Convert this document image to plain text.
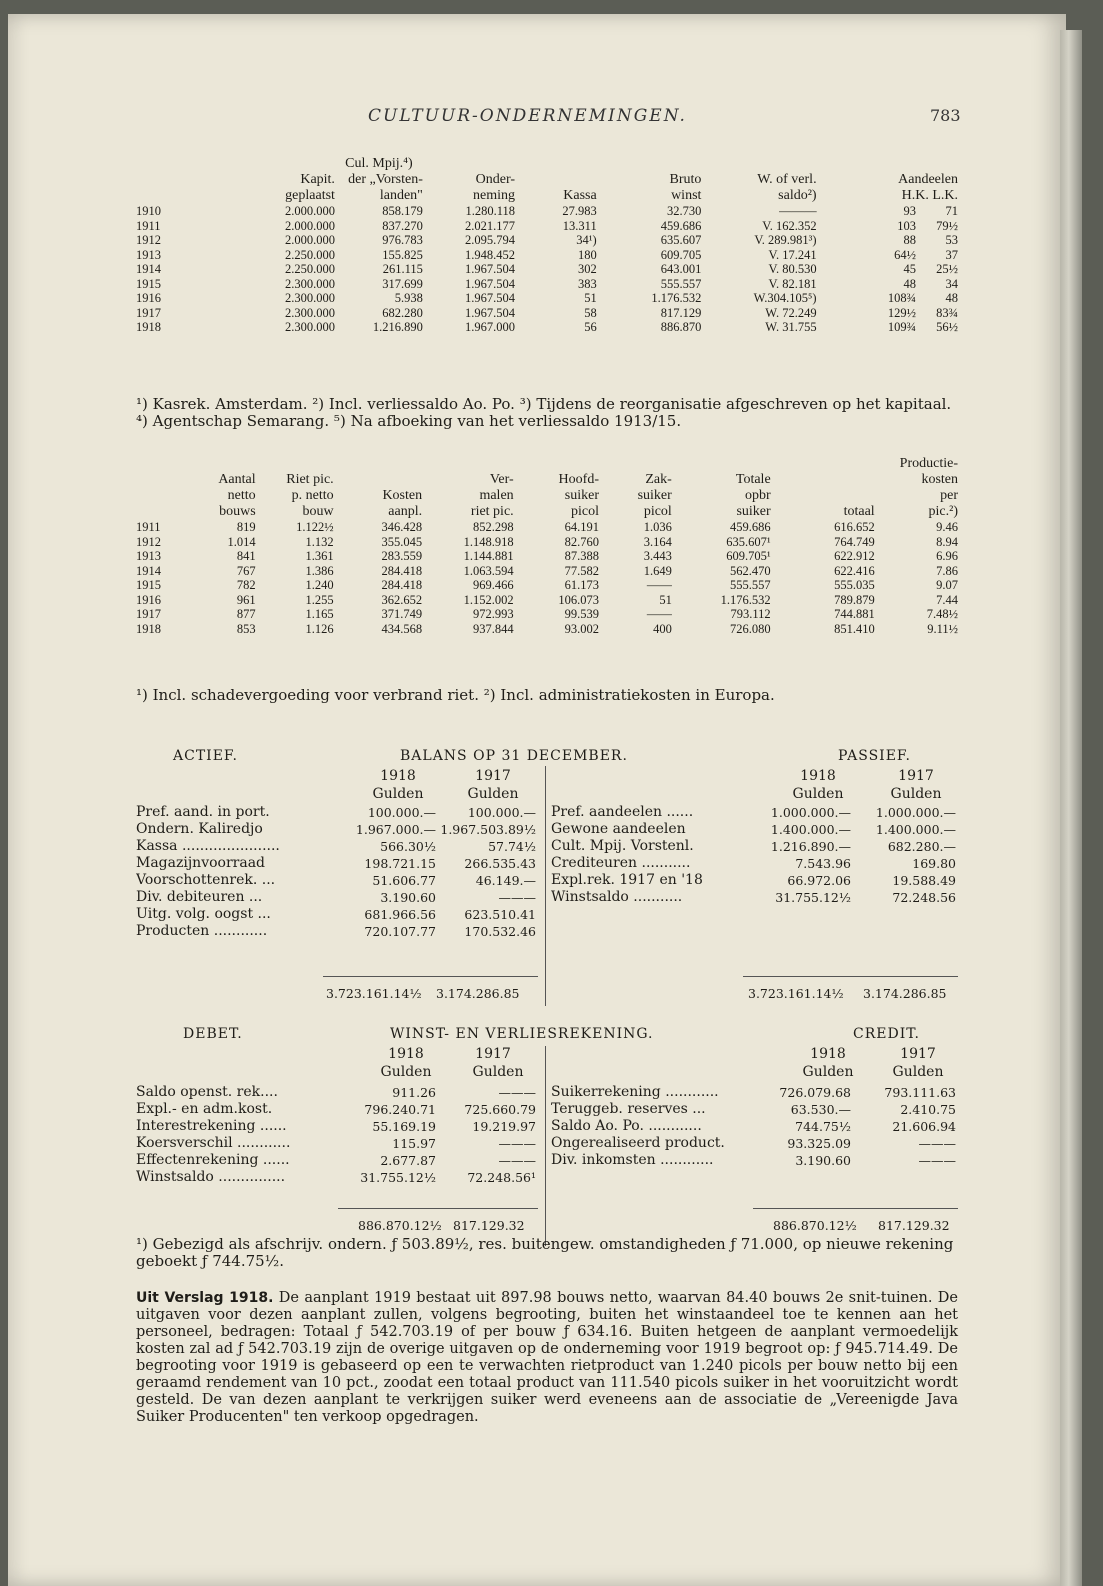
CULTUUR-ONDERNEMINGEN.	783
		Cul. Mpij.⁴)						
	Kapit.	der „Vorsten-	Onder-		Bruto	W. of verl.	Aandeelen	
	geplaatst	landen"	neming	Kassa	winst	saldo²)	H.K. L.K.	
1910	2.000.000	858.179	1.280.118	27.983	32.730	———	93	71
1911	2.000.000	837.270	2.021.177	13.311	459.686	V. 162.352	103	79½
1912	2.000.000	976.783	2.095.794	34¹)	635.607	V. 289.981³)	88	53
1913	2.250.000	155.825	1.948.452	180	609.705	V. 17.241	64½	37
1914	2.250.000	261.115	1.967.504	302	643.001	V. 80.530	45	25½
1915	2.300.000	317.699	1.967.504	383	555.557	V. 82.181	48	34
1916	2.300.000	5.938	1.967.504	51	1.176.532	W.304.105⁵)	108¾	48
1917	2.300.000	682.280	1.967.504	58	817.129	W. 72.249	129½	83¾
1918	2.300.000	1.216.890	1.967.000	56	886.870	W. 31.755	109¾	56½
¹) Kasrek. Amsterdam. ²) Incl. verliessaldo Ao. Po. ³) Tijdens de reorganisatie afgeschreven op het kapitaal. ⁴) Agentschap Semarang. ⁵) Na afboeking van het verliessaldo 1913/15.
									Productie-
	Aantal	Riet pic.		Ver-	Hoofd-	Zak-	Totale		kosten
	netto	p. netto	Kosten	malen	suiker	suiker	opbr		per
	bouws	bouw	aanpl.	riet pic.	picol	picol	suiker	totaal	pic.²)
1911	819	1.122½	346.428	852.298	64.191	1.036	459.686	616.652	9.46
1912	1.014	1.132	355.045	1.148.918	82.760	3.164	635.607¹	764.749	8.94
1913	841	1.361	283.559	1.144.881	87.388	3.443	609.705¹	622.912	6.96
1914	767	1.386	284.418	1.063.594	77.582	1.649	562.470	622.416	7.86
1915	782	1.240	284.418	969.466	61.173	——	555.557	555.035	9.07
1916	961	1.255	362.652	1.152.002	106.073	51	1.176.532	789.879	7.44
1917	877	1.165	371.749	972.993	99.539	——	793.112	744.881	7.48½
1918	853	1.126	434.568	937.844	93.002	400	726.080	851.410	9.11½
¹) Incl. schadevergoeding voor verbrand riet. ²) Incl. administratiekosten in Europa.
ACTIEF.	BALANS OP 31 DECEMBER.	PASSIEF.
1918	1917	1918	1917
Gulden	Gulden	Gulden	Gulden
Pref. aand. in port.	100.000.—	100.000.—
Ondern. Kaliredjo	1.967.000.— 1.967.503.89½
Kassa ......................	566.30½	57.74½
Magazijnvoorraad	198.721.15	266.535.43
Voorschottenrek. ...	51.606.77	46.149.—
Div. debiteuren ...	3.190.60	———
Uitg. volg. oogst ...	681.966.56	623.510.41
Producten ............	720.107.77	170.532.46
Pref. aandeelen ......	1.000.000.—	1.000.000.—
Gewone aandeelen	1.400.000.—	1.400.000.—
Cult. Mpij. Vorstenl.	1.216.890.—	682.280.—
Crediteuren ...........	7.543.96	169.80
Expl.rek. 1917 en '18	66.972.06	19.588.49
Winstsaldo ...........	31.755.12½	72.248.56
3.723.161.14½ 3.174.286.85	3.723.161.14½ 3.174.286.85
DEBET.	WINST- EN VERLIESREKENING.	CREDIT.
1918	1917	1918	1917
Gulden	Gulden	Gulden	Gulden
Saldo openst. rek....	911.26	———
Expl.- en adm.kost.	796.240.71	725.660.79
Interestrekening ......	55.169.19	19.219.97
Koersverschil ............	115.97	———
Effectenrekening ......	2.677.87	———
Winstsaldo ...............	31.755.12½	72.248.56¹
Suikerrekening ............	726.079.68	793.111.63
Teruggeb. reserves ...	63.530.—	2.410.75
Saldo Ao. Po. ............	744.75½	21.606.94
Ongerealiseerd product.	93.325.09	———
Div. inkomsten ............	3.190.60	———
886.870.12½ 817.129.32	886.870.12½ 817.129.32
¹) Gebezigd als afschrijv. ondern. ƒ 503.89½, res. buitengew. omstandigheden ƒ 71.000, op nieuwe rekening geboekt ƒ 744.75½.
Uit Verslag 1918. De aanplant 1919 bestaat uit 897.98 bouws netto, waarvan 84.40 bouws 2e snit-tuinen. De uitgaven voor dezen aanplant zullen, volgens begrooting, buiten het winstaandeel toe te kennen aan het personeel, bedragen: Totaal ƒ 542.703.19 of per bouw ƒ 634.16. Buiten hetgeen de aanplant vermoedelijk kosten zal ad ƒ 542.703.19 zijn de overige uitgaven op de onderneming voor 1919 begroot op: ƒ 945.714.49. De begrooting voor 1919 is gebaseerd op een te verwachten rietproduct van 1.240 picols per bouw netto bij een geraamd rendement van 10 pct., zoodat een totaal product van 111.540 picols suiker in het vooruitzicht wordt gesteld. De van dezen aanplant te verkrijgen suiker werd eveneens aan de associatie de „Vereenigde Java Suiker Producenten" ten verkoop opgedragen.
